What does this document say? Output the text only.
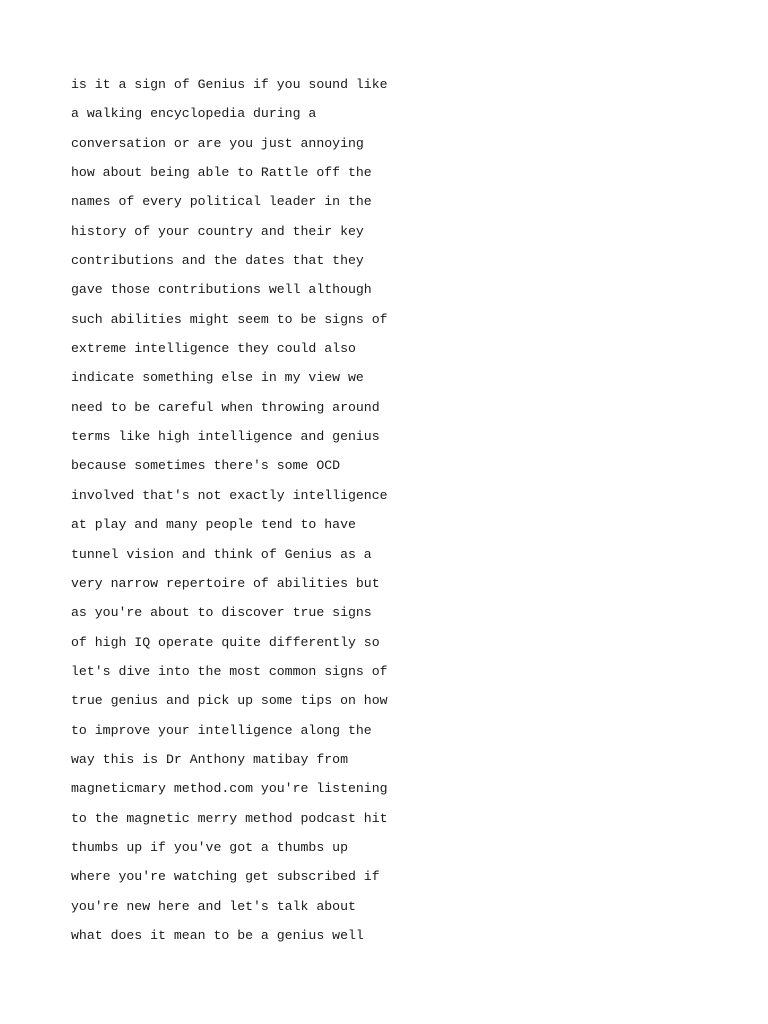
is it a sign of Genius if you sound like
a walking encyclopedia during a
conversation or are you just annoying
how about being able to Rattle off the
names of every political leader in the
history of your country and their key
contributions and the dates that they
gave those contributions well although
such abilities might seem to be signs of
extreme intelligence they could also
indicate something else in my view we
need to be careful when throwing around
terms like high intelligence and genius
because sometimes there's some OCD
involved that's not exactly intelligence
at play and many people tend to have
tunnel vision and think of Genius as a
very narrow repertoire of abilities but
as you're about to discover true signs
of high IQ operate quite differently so
let's dive into the most common signs of
true genius and pick up some tips on how
to improve your intelligence along the
way this is Dr Anthony matibay from
magneticmary method.com you're listening
to the magnetic merry method podcast hit
thumbs up if you've got a thumbs up
where you're watching get subscribed if
you're new here and let's talk about
what does it mean to be a genius well
